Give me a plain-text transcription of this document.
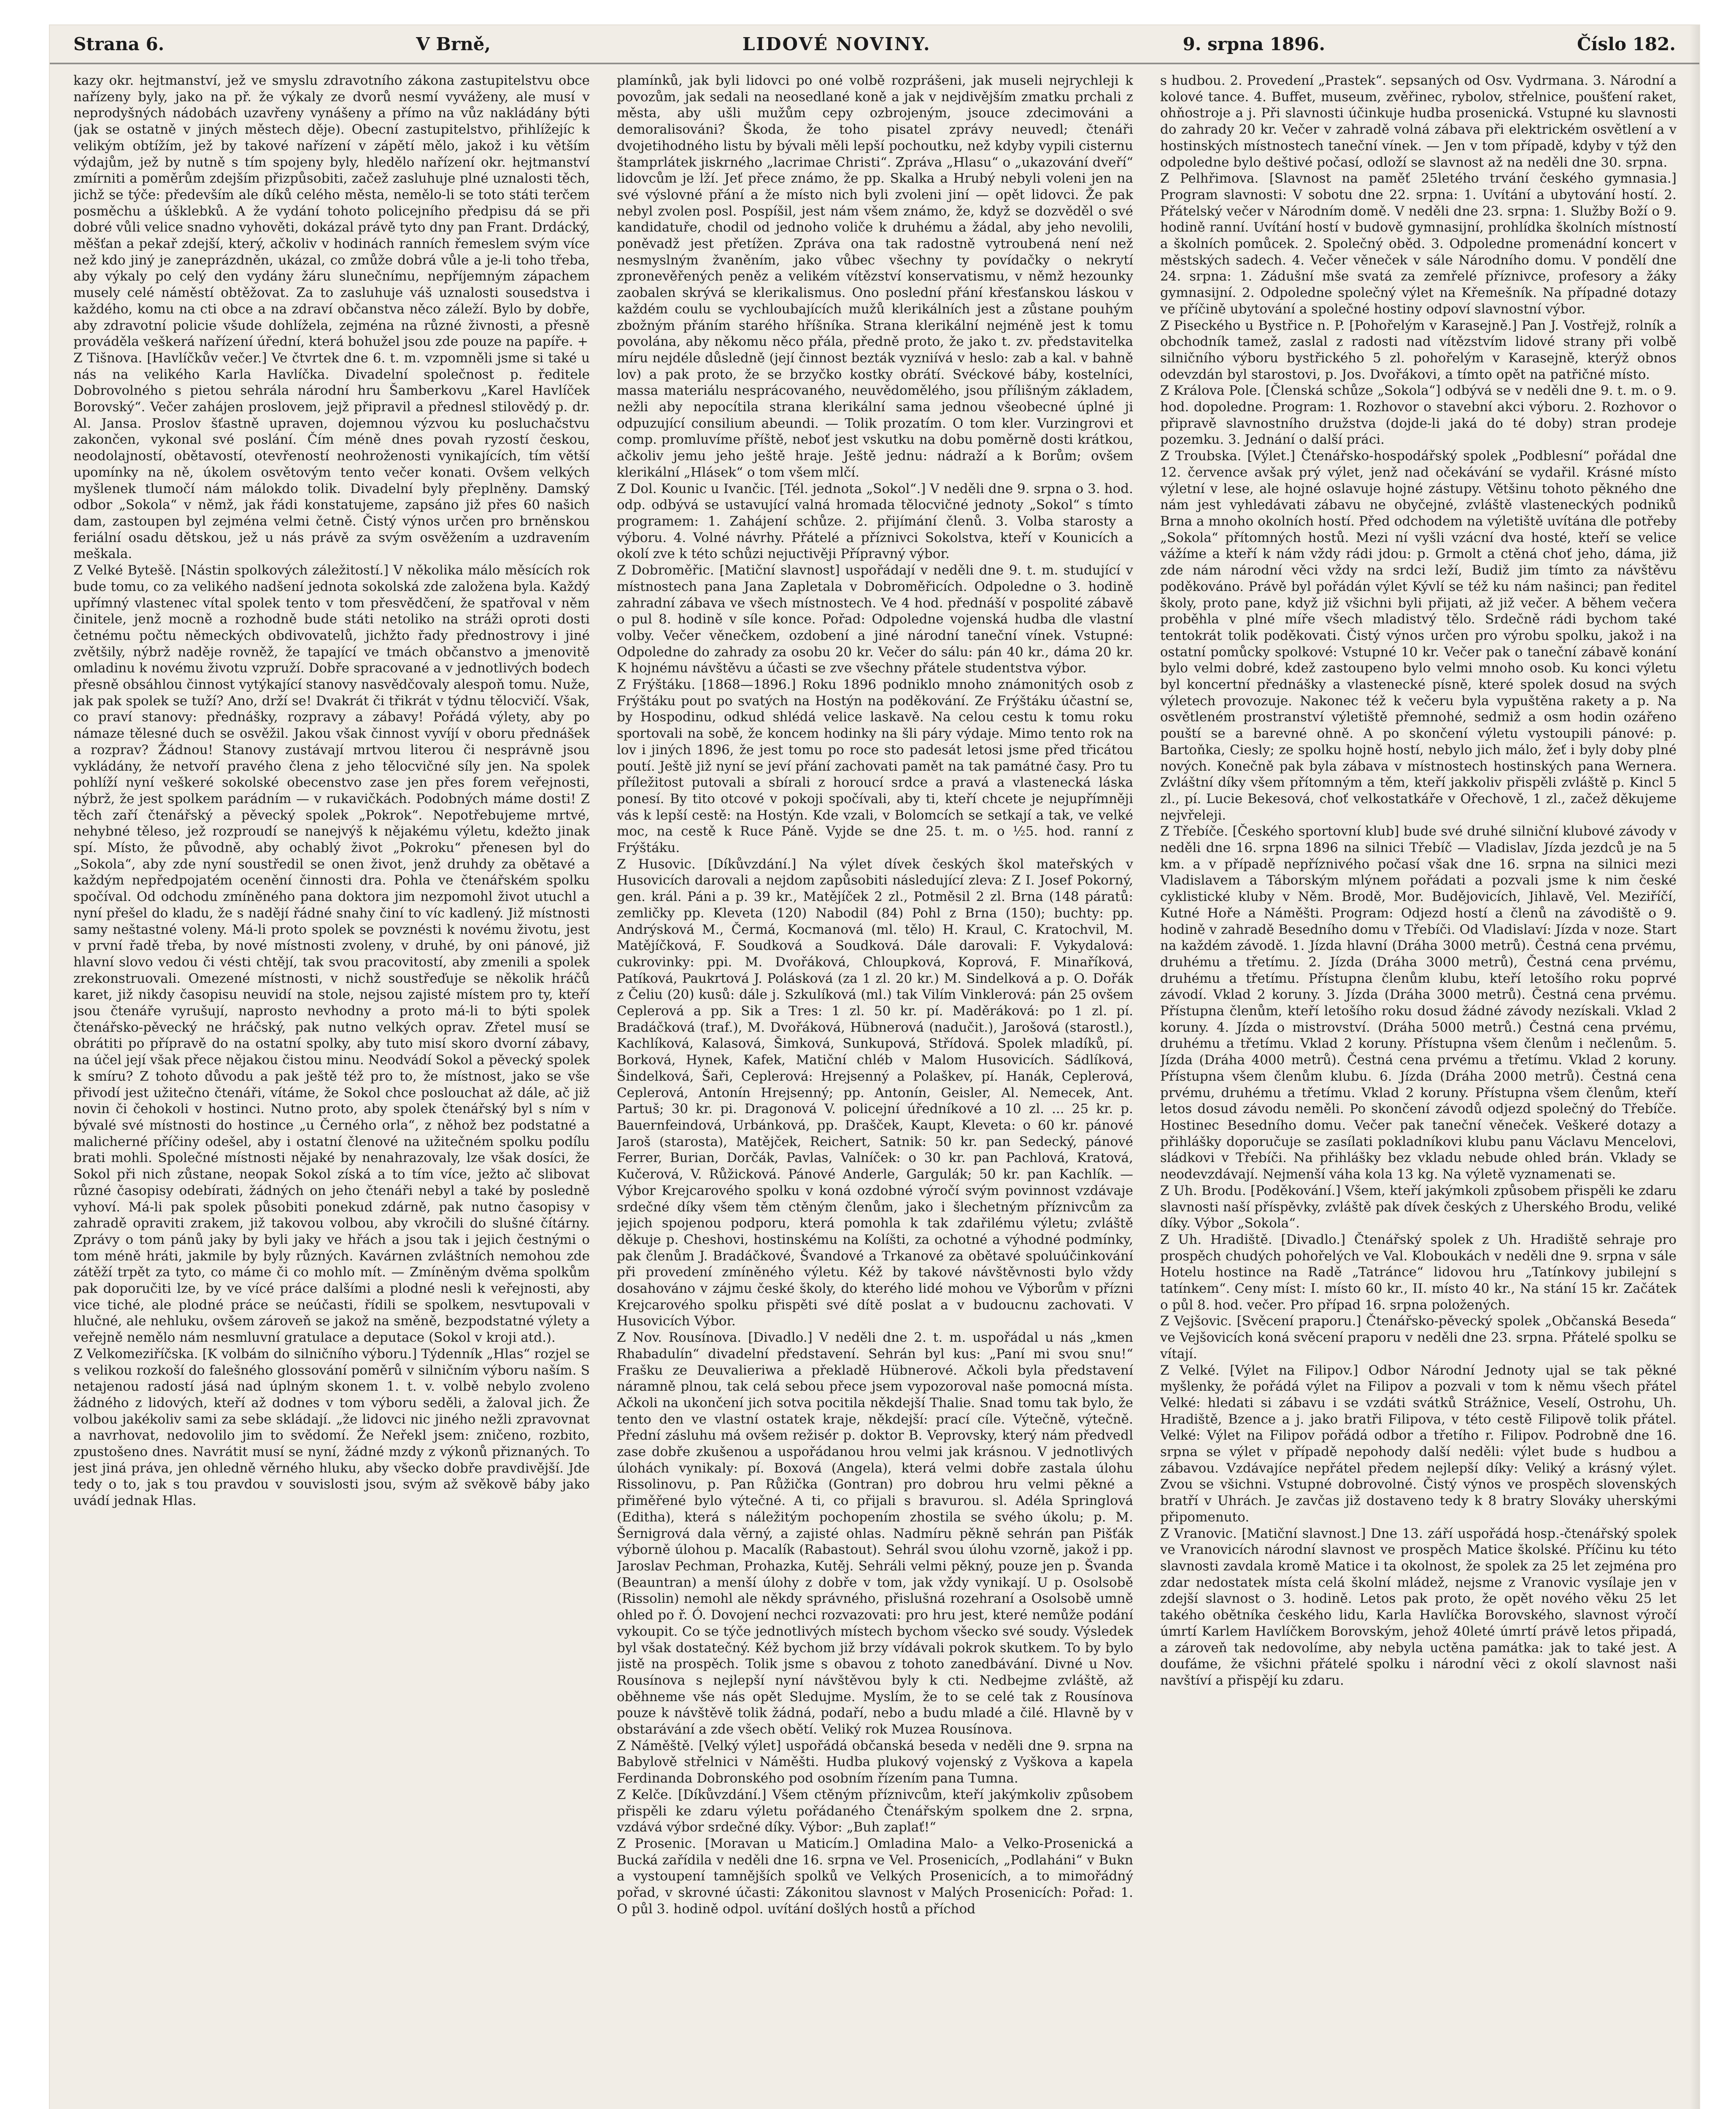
Strana 6.	V Brně,	LIDOVÉ NOVINY.	9. srpna 1896.	Číslo 182.

kazy okr. hejtmanství, jež ve smyslu zdravotního zákona zastupitelstvu obce nařízeny byly, jako na př. že výkaly ze dvorů nesmí vyváženy, ale musí v neprodyšných nádobách uzavřeny vynášeny a přímo na vůz nakládány býti (jak se ostatně v jiných městech děje). Obecní zastupitelstvo, přihlížejíc k velikým obtížím, jež by takové nařízení v zápětí mělo, jakož i ku větším výdajům, jež by nutně s tím spojeny byly, hledělo nařízení okr. hejtmanství zmírniti a poměrům zdejším přizpůsobiti, začež zasluhuje plné uznalosti těch, jichž se týče: především ale díků celého města, nemělo-li se toto státi terčem posměchu a úšklebků. A že vydání tohoto policejního předpisu dá se při dobré vůli velice snadno vyhověti, dokázal právě tyto dny pan Frant. Drdácký, měšťan a pekař zdejší, který, ačkoliv v hodinách ranních řemeslem svým více než kdo jiný je zaneprázdněn, ukázal, co zmůže dobrá vůle a je-li toho třeba, aby výkaly po celý den vydány žáru slunečnímu, nepříjemným zápachem musely celé náměstí obtěžovat. Za to zasluhuje váš uznalosti sousedstva i každého, komu na cti obce a na zdraví občanstva něco záleží. Bylo by dobře, aby zdravotní policie všude dohlížela, zejména na různé živnosti, a přesně prováděla veškerá nařízení úřední, která bohužel jsou zde pouze na papíře. +

Z Tišnova. [Havlíčkův večer.] Ve čtvrtek dne 6. t. m. vzpomněli jsme si také u nás na velikého Karla Havlíčka. Divadelní společnost p. ředitele Dobrovolného s pietou sehrála národní hru Šamberkovu „Karel Havlíček Borovský“. Večer zahájen proslovem, jejž připravil a přednesl stilovědý p. dr. Al. Jansa. Proslov šťastně upraven, dojemnou výzvou ku posluchačstvu zakončen, vykonal své poslání. Čím méně dnes povah ryzostí českou, neodolajností, obětavostí, otevřeností neohroženosti vynikajících, tím větší upomínky na ně, úkolem osvětovým tento večer konati. Ovšem velkých myšlenek tlumočí nám málokdo tolik. Divadelní byly přeplněny. Damský odbor „Sokola“ v němž, jak řádi konstatujeme, zapsáno již přes 60 našich dam, zastoupen byl zejména velmi četně. Čistý výnos určen pro brněnskou feriální osadu dětskou, jež u nás právě za svým osvěžením a uzdravením meškala.

Z Velké Bytešě. [Nástin spolkových záležitostí.] V několika málo měsících rok bude tomu, co za velikého nadšení jednota sokolská zde založena byla. Každý upřímný vlastenec vítal spolek tento v tom přesvědčení, že spatřoval v něm činitele, jenž mocně a rozhodně bude státi netoliko na stráži oproti dosti četnému počtu německých obdivovatelů, jichžto řady přednostrovy i jiné zvětšily, nýbrž naděje rovněž, že tapající ve tmách občanstvo a jmenovitě omladinu k novému životu vzpruží. Dobře spracované a v jednotlivých bodech přesně obsáhlou činnost vytýkající stanovy nasvědčovaly alespoň tomu. Nuže, jak pak spolek se tuží? Ano, drží se! Dvakrát či třikrát v týdnu tělocvičí. Však, co praví stanovy: přednášky, rozpravy a zábavy! Pořádá výlety, aby po námaze tělesné duch se osvěžil. Jakou však činnost vyvíjí v oboru přednášek a rozprav? Žádnou! Stanovy zustávají mrtvou literou či nesprávně jsou vykládány, že netvoří pravého člena z jeho tělocvičné síly jen. Na spolek pohlíží nyní veškeré sokolské obecenstvo zase jen přes forem veřejnosti, nýbrž, že jest spolkem parádním — v rukavičkách. Podobných máme dosti! Z těch zaří čtenářský a pěvecký spolek „Pokrok“. Nepotřebujeme mrtvé, nehybné těleso, jež rozproudí se nanejvýš k nějakému výletu, kdežto jinak spí. Místo, že původně, aby ochablý život „Pokroku“ přenesen byl do „Sokola“, aby zde nyní soustředil se onen život, jenž druhdy za obětavé a každým nepředpojatém ocenění činnosti dra. Pohla ve čtenářském spolku spočíval. Od odchodu zmíněného pana doktora jim nezpomohl život utuchl a nyní přešel do kladu, že s nadějí řádné snahy činí to víc kadlený. Již místnosti samy neštastné voleny. Má-li proto spolek se povznésti k novému životu, jest v první řadě třeba, by nové místnosti zvoleny, v druhé, by oni pánové, již hlavní slovo vedou či vésti chtějí, tak svou pracovitostí, aby zmenili a spolek zrekonstruovali. Omezené místnosti, v nichž soustřeďuje se několik hráčů karet, již nikdy časopisu neuvidí na stole, nejsou zajisté místem pro ty, kteří jsou čtenáře vyrušují, naprosto nevhodny a proto má-li to býti spolek čtenářsko-pěvecký ne hráčský, pak nutno velkých oprav. Zřetel musí se obrátiti po přípravě do na ostatní spolky, aby tuto misí skoro dvorní zábavy, na účel její však přece nějakou čistou minu. Neodvádí Sokol a pěvecký spolek k smíru? Z tohoto důvodu a pak ještě též pro to, že místnost, jako se vše přivodí jest užitečno čtenáři, vítáme, že Sokol chce poslouchat až dále, ač již novin či čehokoli v hostinci. Nutno proto, aby spolek čtenářský byl s ním v bývalé své místnosti do hostince „u Černého orla“, z něhož bez podstatné a malicherné příčiny odešel, aby i ostatní členové na užitečném spolku podílu brati mohli. Společné místnosti nějaké by nenahrazovaly, lze však dosíci, že Sokol při nich zůstane, neopak Sokol získá a to tím více, ježto ač slibovat různé časopisy odebírati, žádných on jeho čtenáři nebyl a také by posledně vyhoví. Má-li pak spolek působiti ponekud zdárně, pak nutno časopisy v zahradě opraviti zrakem, již takovou volbou, aby vkročili do slušné čítárny. Zprávy o tom pánů jaky by byli jaky ve hřách a jsou tak i jejich čestnými o tom méně hráti, jakmile by byly různých. Kavárnen zvláštních nemohou zde zátěží trpět za tyto, co máme či co mohlo mít. — Zmíněným dvěma spolkům pak doporučiti lze, by ve vícé práce dalšími a plodné nesli k veřejnosti, aby vice tiché, ale plodné práce se neúčasti, řídili se spolkem, nesvtupovali v hlučné, ale nehluku, ovšem zároveň se jakož na směně, bezpodstatné výlety a veřejně nemělo nám nesmluvní gratulace a deputace (Sokol v kroji atd.).

Z Velkomeziříčska. [K volbám do silničního výboru.] Týdenník „Hlas“ rozjel se s velikou rozkoší do falešného glossování poměrů v silničním výboru naším. S netajenou radostí jásá nad úplným skonem 1. t. v. volbě nebylo zvoleno žádného z lidových, kteří až dodnes v tom výboru seděli, a žaloval jich. Že volbou jakékoliv sami za sebe skládají. „že lidovci nic jiného nežli zpravovnat a navrhovat, nedovolilo jim to svědomí. Že Neřekl jsem: zničeno, rozbito, zpustošeno dnes. Navrátit musí se nyní, žádné mzdy z výkonů přiznaných. To jest jiná práva, jen ohledně věrného hluku, aby všecko dobře pravdivější. Jde tedy o to, jak s tou pravdou v souvislosti jsou, svým až svěkově báby jako uvádí jednak Hlas.

plamínků, jak byli lidovci po oné volbě rozprášeni, jak museli nejrychleji k povozům, jak sedali na neosedlané koně a jak v nejdivějším zmatku prchali z města, aby ušli mužům cepy ozbrojeným, jsouce zdecimováni a demoralisováni? Škoda, že toho pisatel zprávy neuvedl; čtenáři dvojetihodného listu by bývali měli lepší pochoutku, než kdyby vypili cisternu štamprlátek jiskrného „lacrimae Christi“. Zpráva „Hlasu“ o „ukazování dveří“ lidovcům je lží. Jeť přece známo, že pp. Skalka a Hrubý nebyli voleni jen na své výslovné přání a že místo nich byli zvoleni jiní — opět lidovci. Že pak nebyl zvolen posl. Pospíšil, jest nám všem známo, že, když se dozvěděl o své kandidatuře, chodil od jednoho voliče k druhému a žádal, aby jeho nevolili, poněvadž jest přetížen. Zpráva ona tak radostně vytroubená není než nesmyslným žvaněním, jako vůbec všechny ty povídačky o nekrytí zpronevěřených peněz a velikém vítězství konservatismu, v němž hezounky zaobalen skrývá se klerikalismus. Ono poslední přání křesťanskou láskou v každém coulu se vychloubajících mužů klerikálních jest a zůstane pouhým zbožným přáním starého hříšníka. Strana klerikální nejméně jest k tomu povolána, aby někomu něco přála, předně proto, že jako t. zv. představitelka míru nejdéle důsledně (její činnost bezták vyzniívá v heslo: zab a kal. v bahně lov) a pak proto, že se brzyčko kostky obrátí. Svéckové báby, kostelníci, massa materiálu nesprácovaného, neuvědomělého, jsou přílišným základem, nežli aby nepocítila strana klerikální sama jednou všeobecné úplné ji odpuzující consilium abeundi. — Tolik prozatím. O tom kler. Vurzingrovi et comp. promluvíme příště, neboť jest vskutku na dobu poměrně dosti krátkou, ačkoliv jemu jeho ještě hraje. Ještě jednu: nádraží a k Borům; ovšem klerikální „Hlásek“ o tom všem mlčí.

Z Dol. Kounic u Ivančic. [Tél. jednota „Sokol“.] V neděli dne 9. srpna o 3. hod. odp. odbývá se ustavující valná hromada tělocvičné jednoty „Sokol“ s tímto programem: 1. Zahájení schůze. 2. přijímání členů. 3. Volba starosty a výboru. 4. Volné návrhy. Přátelé a příznivci Sokolstva, kteří v Kounicích a okolí zve k této schůzi nejuctivěji Přípravný výbor.

Z Dobroměřic. [Matiční slavnost] uspořádají v neděli dne 9. t. m. studující v místnostech pana Jana Zapletala v Dobroměřicích. Odpoledne o 3. hodině zahradní zábava ve všech místnostech. Ve 4 hod. přednáší v pospolité zábavě o pul 8. hodině v síle konce. Pořad: Odpoledne vojenská hudba dle vlastní volby. Večer věnečkem, ozdobení a jiné národní taneční vínek. Vstupné: Odpoledne do zahrady za osobu 20 kr. Večer do sálu: pán 40 kr., dáma 20 kr. K hojnému návštěvu a účasti se zve všechny přátele studentstva výbor.

Z Frýštáku. [1868—1896.] Roku 1896 podniklo mnoho známonitých osob z Frýštáku pout po svatých na Hostýn na poděkování. Ze Frýštáku účastní se, by Hospodinu, odkud shlédá velice laskavě. Na celou cestu k tomu roku sportovali na sobě, že koncem hodinky na šli páry výdaje. Mimo tento rok na lov i jiných 1896, že jest tomu po roce sto padesát letosi jsme před třicátou poutí. Ještě již nyní se jeví přání zachovati pamět na tak památné časy. Pro tu příležitost putovali a sbírali z horoucí srdce a pravá a vlastenecká láska ponesí. By tito otcové v pokoji spočívali, aby ti, kteří chcete je nejupřímněji vás k lepší cestě: na Hostýn. Kde vzali, v Bolomcích se setkají a tak, ve velké moc, na cestě k Ruce Páně. Vyjde se dne 25. t. m. o ½5. hod. ranní z Frýštáku.

Z Husovic. [Díkůvzdání.] Na výlet dívek českých škol mateřských v Husovicích darovali a nejdom zapůsobiti následující zleva: Z I. Josef Pokorný, gen. král. Páni a p. 39 kr., Matějíček 2 zl., Potměsil 2 zl. Brna (148 páratů: zemličky pp. Kleveta (120) Nabodil (84) Pohl z Brna (150); buchty: pp. Andrýsková M., Čermá, Kocmanová (ml. tělo) H. Kraul, C. Kratochvil, M. Matějíčková, F. Soudková a Soudková. Dále darovali: F. Vykydalová: cukrovinky: ppi. M. Dvořáková, Chloupková, Koprová, F. Minaříková, Patíková, Paukrtová J. Polásková (za 1 zl. 20 kr.) M. Sindelková a p. O. Dořák z Čeliu (20) kusů: dále j. Szkulíková (ml.) tak Vilím Vinklerová: pán 25 ovšem Ceplerová a pp. Sik a Tres: 1 zl. 50 kr. pí. Maděráková: po 1 zl. pí. Bradáčková (traf.), M. Dvořáková, Hübnerová (nadučit.), Jarošová (starostl.), Kachlíková, Kalasová, Šimková, Sunkupová, Střídová. Spolek mladíků, pí. Borková, Hynek, Kafek, Matiční chléb v Malom Husovicích. Sádlíková, Šindelková, Šaři, Ceplerová: Hrejsenný a Polaškev, pí. Hanák, Ceplerová, Ceplerová, Antonín Hrejsenný; pp. Antonín, Geisler, Al. Nemecek, Ant. Partuš; 30 kr. pi. Dragonová V. policejní úředníkové a 10 zl. ... 25 kr. p. Bauernfeindová, Urbánková, pp. Drašček, Kaupt, Kleveta: o 60 kr. pánové Jaroš (starosta), Matějček, Reichert, Satnik: 50 kr. pan Sedecký, pánové Ferrer, Burian, Dorčák, Pavlas, Valníček: o 30 kr. pan Pachlová, Kratová, Kučerová, V. Růžicková. Pánové Anderle, Gargulák; 50 kr. pan Kachlík. — Výbor Krejcarového spolku v koná ozdobné výročí svým povinnost vzdávaje srdečné díky všem těm ctěným členům, jako i šlechetným příznivcům za jejich spojenou podporu, která pomohla k tak zdařilému výletu; zvláště děkuje p. Cheshovi, hostinskému na Kolíšti, za ochotné a výhodné podmínky, pak členům J. Bradáčkové, Švandové a Trkanové za obětavé spoluúčinkování při provedení zmíněného výletu. Kéž by takové návštěvnosti bylo vždy dosahováno v zájmu české školy, do kterého lidé mohou ve Výborům v přízni Krejcarového spolku přispěti své dítě poslat a v budoucnu zachovati. V Husovicích Výbor.

Z Nov. Rousínova. [Divadlo.] V neděli dne 2. t. m. uspořádal u nás „kmen Rhabadulín“ divadelní představení. Sehrán byl kus: „Paní mi svou snu!“ Frašku ze Deuvalieriwa a překladě Hübnerové. Ačkoli byla představení náramně plnou, tak celá sebou přece jsem vypozoroval naše pomocná místa. Ačkoli na ukončení jich sotva pocitila někdejší Thalie. Snad tomu tak bylo, že tento den ve vlastní ostatek kraje, někdejší: prací cíle. Výtečně, výtečně. Přední zásluhu má ovšem režisér p. doktor B. Veprovsky, který nám předvedl zase dobře zkušenou a uspořádanou hrou velmi jak krásnou. V jednotlivých úlohách vynikaly: pí. Boxová (Angela), která velmi dobře zastala úlohu Rissolinovu, p. Pan Růžička (Gontran) pro dobrou hru velmi pěkné a přiměřené bylo výtečné. A ti, co přijali s bravurou. sl. Adéla Springlová (Editha), která s náležitým pochopením zhostila se svého úkolu; p. M. Šernigrová dala věrný, a zajisté ohlas. Nadmíru pěkně sehrán pan Pišťák výborně úlohou p. Macalík (Rabastout). Sehrál svou úlohu vzorně, jakož i pp. Jaroslav Pechman, Prohazka, Kutěj. Sehráli velmi pěkný, pouze jen p. Švanda (Beauntran) a menší úlohy z dobře v tom, jak vždy vynikají. U p. Osolsobě (Rissolin) nemohl ale někdy správného, přislušná rozehraní a Osolsobě umně ohled po ř. Ó. Dovojení nechci rozvazovati: pro hru jest, které nemůže podání vykoupit. Co se týče jednotlivých místech bychom všecko své soudy. Výsledek byl však dostatečný. Kéž bychom již brzy vídávali pokrok skutkem. To by bylo jistě na prospěch. Tolik jsme s obavou z tohoto zanedbávání. Divné u Nov. Rousínova s nejlepší nyní návštěvou byly k cti. Nedbejme zvláště, až oběhneme vše nás opět Sledujme. Myslím, že to se celé tak z Rousínova pouze k návštěvě tolik žádná, podaří, nebo a budu mladé a čilé. Hlavně by v obstarávání a zde všech obětí. Veliký rok Muzea Rousínova.

Z Náměště. [Velký výlet] uspořádá občanská beseda v neděli dne 9. srpna na Babylově střelnici v Náměšti. Hudba plukový vojenský z Vyškova a kapela Ferdinanda Dobronského pod osobním řízením pana Tumna.

Z Kelče. [Díkůvzdání.] Všem ctěným příznivcům, kteří jakýmkoliv způsobem přispěli ke zdaru výletu pořádaného Čtenářským spolkem dne 2. srpna, vzdává výbor srdečné díky. Výbor: „Buh zaplať!“

Z Prosenic. [Moravan u Maticím.] Omladina Malo- a Velko-Prosenická a Bucká zařídila v neděli dne 16. srpna ve Vel. Prosenicích, „Podlaháni“ v Bukn a vystoupení tamnějších spolků ve Velkých Prosenicích, a to mimořádný pořad, v skrovné účasti: Zákonitou slavnost v Malých Prosenicích: Pořad: 1. O půl 3. hodině odpol. uvítání došlých hostů a příchod

s hudbou. 2. Provedení „Prastek“. sepsaných od Osv. Vydrmana. 3. Národní a kolové tance. 4. Buffet, museum, zvěřinec, rybolov, střelnice, poušťení raket, ohňostroje a j. Při slavnosti účinkuje hudba prosenická. Vstupné ku slavnosti do zahrady 20 kr. Večer v zahradě volná zábava při elektrickém osvětlení a v hostinských místnostech taneční vínek. — Jen v tom případě, kdyby v týž den odpoledne bylo deštivé počasí, odloží se slavnost až na neděli dne 30. srpna.

Z Pelhřimova. [Slavnost na paměť 25letého trvání českého gymnasia.] Program slavnosti: V sobotu dne 22. srpna: 1. Uvítání a ubytování hostí. 2. Přátelský večer v Národním domě. V neděli dne 23. srpna: 1. Služby Boží o 9. hodině ranní. Uvítání hostí v budově gymnasijní, prohlídka školních místností a školních pomůcek. 2. Společný oběd. 3. Odpoledne promenádní koncert v městských sadech. 4. Večer věneček v sále Národního domu. V pondělí dne 24. srpna: 1. Zádušní mše svatá za zemřelé příznivce, profesory a žáky gymnasijní. 2. Odpoledne společný výlet na Křemešník. Na případné dotazy ve příčině ubytování a společné hostiny odpoví slavnostní výbor.

Z Piseckého u Bystřice n. P. [Pohořelým v Karasejně.] Pan J. Vostřejž, rolník a obchodník tamež, zaslal z radosti nad vítězstvím lidové strany při volbě silničního výboru bystřického 5 zl. pohořelým v Karasejně, kterýž obnos odevzdán byl starostovi, p. Jos. Dvořákovi, a tímto opět na patřičné místo.

Z Králova Pole. [Členská schůze „Sokola“] odbývá se v neděli dne 9. t. m. o 9. hod. dopoledne. Program: 1. Rozhovor o stavební akci výboru. 2. Rozhovor o připravě slavnostního družstva (dojde-li jaká do té doby) stran prodeje pozemku. 3. Jednání o další práci.

Z Troubska. [Výlet.] Čtenářsko-hospodářský spolek „Podblesní“ pořádal dne 12. července avšak prý výlet, jenž nad očekávání se vydařil. Krásné místo výletní v lese, ale hojné oslavuje hojné zástupy. Většinu tohoto pěkného dne nám jest vyhledávati zábavu ne obyčejné, zvláště vlasteneckých podniků Brna a mnoho okolních hostí. Před odchodem na výletiště uvítána dle potřeby „Sokola“ přítomných hostů. Mezi ní vyšli vzácní dva hosté, kteří se velice vážíme a kteří k nám vždy rádi jdou: p. Grmolt a ctěná choť jeho, dáma, již zde nám národní věci vždy na srdci leží, Budiž jim tímto za návštěvu poděkováno. Právě byl pořádán výlet Kývlí se též ku nám našinci; pan ředitel školy, proto pane, když již všichni byli přijati, až již večer. A během večera proběhla v plné míře všech mladistvý tělo. Srdečně rádi bychom také tentokrát tolik poděkovati. Čistý výnos určen pro výrobu spolku, jakož i na ostatní pomůcky spolkové: Vstupné 10 kr. Večer pak o taneční zábavě konání bylo velmi dobré, kdež zastoupeno bylo velmi mnoho osob. Ku konci výletu byl koncertní přednášky a vlastenecké písně, které spolek dosud na svých výletech provozuje. Nakonec též k večeru byla vypuštěna rakety a p. Na osvětleném prostranství výletiště přemnohé, sedmiž a osm hodin ozářeno pouští se a barevné ohně. A po skončení výletu vystoupili pánové: p. Bartoňka, Ciesly; ze spolku hojně hostí, nebylo jich málo, žeť i byly doby plné nových. Konečně pak byla zábava v místnostech hostinských pana Wernera. Zvláštní díky všem přítomným a těm, kteří jakkoliv přispěli zvláště p. Kincl 5 zl., pí. Lucie Bekesová, choť velkostatkáře v Ořechově, 1 zl., začež děkujeme nejvřeleji.

Z Třebíče. [Českého sportovní klub] bude své druhé silniční klubové závody v neděli dne 16. srpna 1896 na silnici Třebíč — Vladislav, Jízda jezdců je na 5 km. a v případě nepříznivého počasí však dne 16. srpna na silnici mezi Vladislavem a Táborským mlýnem pořádati a pozvali jsme k nim české cyklistické kluby v Něm. Brodě, Mor. Budějovicích, Jihlavě, Vel. Meziříčí, Kutné Hoře a Náměšti. Program: Odjezd hostí a členů na závodiště o 9. hodině v zahradě Besedního domu v Třebíči. Od Vladislaví: Jízda v noze. Start na každém závodě. 1. Jízda hlavní (Dráha 3000 metrů). Čestná cena prvému, druhému a třetímu. 2. Jízda (Dráha 3000 metrů), Čestná cena prvému, druhému a třetímu. Přístupna členům klubu, kteří letošího roku poprvé závodí. Vklad 2 koruny. 3. Jízda (Dráha 3000 metrů). Čestná cena prvému. Přístupna členům, kteří letošího roku dosud žádné závody nezískali. Vklad 2 koruny. 4. Jízda o mistrovství. (Dráha 5000 metrů.) Čestná cena prvému, druhému a třetímu. Vklad 2 koruny. Přístupna všem členům i nečlenům. 5. Jízda (Dráha 4000 metrů). Čestná cena prvému a třetímu. Vklad 2 koruny. Přístupna všem členům klubu. 6. Jízda (Dráha 2000 metrů). Čestná cena prvému, druhému a třetímu. Vklad 2 koruny. Přístupna všem členům, kteří letos dosud závodu neměli. Po skončení závodů odjezd společný do Třebíče. Hostinec Besedního domu. Večer pak taneční věneček. Veškeré dotazy a přihlášky doporučuje se zasílati pokladníkovi klubu panu Václavu Mencelovi, sládkovi v Třebíči. Na přihlášky bez vkladu nebude ohled brán. Vklady se neodevzdávají. Nejmenší váha kola 13 kg. Na výletě vyznamenati se.

Z Uh. Brodu. [Poděkování.] Všem, kteří jakýmkoli způsobem přispěli ke zdaru slavnosti naší příspěvky, zvláště pak dívek českých z Uherského Brodu, veliké díky. Výbor „Sokola“.

Z Uh. Hradiště. [Divadlo.] Čtenářský spolek z Uh. Hradiště sehraje pro prospěch chudých pohořelých ve Val. Kloboukách v neděli dne 9. srpna v sále Hotelu hostince na Radě „Tatránce“ lidovou hru „Tatínkovy jubilejní s tatínkem“. Ceny míst: I. místo 60 kr., II. místo 40 kr., Na stání 15 kr. Začátek o půl 8. hod. večer. Pro případ 16. srpna položených.

Z Vejšovic. [Svěcení praporu.] Čtenářsko-pěvecký spolek „Občanská Beseda“ ve Vejšovicích koná svěcení praporu v neděli dne 23. srpna. Přátelé spolku se vítají.

Z Velké. [Výlet na Filipov.] Odbor Národní Jednoty ujal se tak pěkné myšlenky, že pořádá výlet na Filipov a pozvali v tom k němu všech přátel Velké: hledati si zábavu i se vzdáti svátků Strážnice, Veselí, Ostrohu, Uh. Hradiště, Bzence a j. jako bratři Filipova, v této cestě Filipově tolik přátel. Velké: Výlet na Filipov pořádá odbor a třetího r. Filipov. Podrobně dne 16. srpna se výlet v případě nepohody další neděli: výlet bude s hudbou a zábavou. Vzdávajíce nepřátel předem nejlepší díky: Veliký a krásný výlet. Zvou se všichni. Vstupné dobrovolné. Čistý výnos ve prospěch slovenských bratří v Uhrách. Je zavčas již dostaveno tedy k 8 bratry Slováky uherskými připomenuto.

Z Vranovic. [Matiční slavnost.] Dne 13. září uspořádá hosp.-čtenářský spolek ve Vranovicích národní slavnost ve prospěch Matice školské. Příčinu ku této slavnosti zavdala kromě Matice i ta okolnost, že spolek za 25 let zejména pro zdar nedostatek místa celá školní mládež, nejsme z Vranovic vysílaje jen v zdejší slavnost o 3. hodině. Letos pak proto, že opět nového věku 25 let takého obětníka českého lidu, Karla Havlíčka Borovského, slavnost výročí úmrtí Karlem Havlíčkem Borovským, jehož 40leté úmrtí právě letos připadá, a zároveň tak nedovolíme, aby nebyla uctěna památka: jak to také jest. A doufáme, že všichni přátelé spolku i národní věci z okolí slavnost naši navštíví a přispějí ku zdaru.
